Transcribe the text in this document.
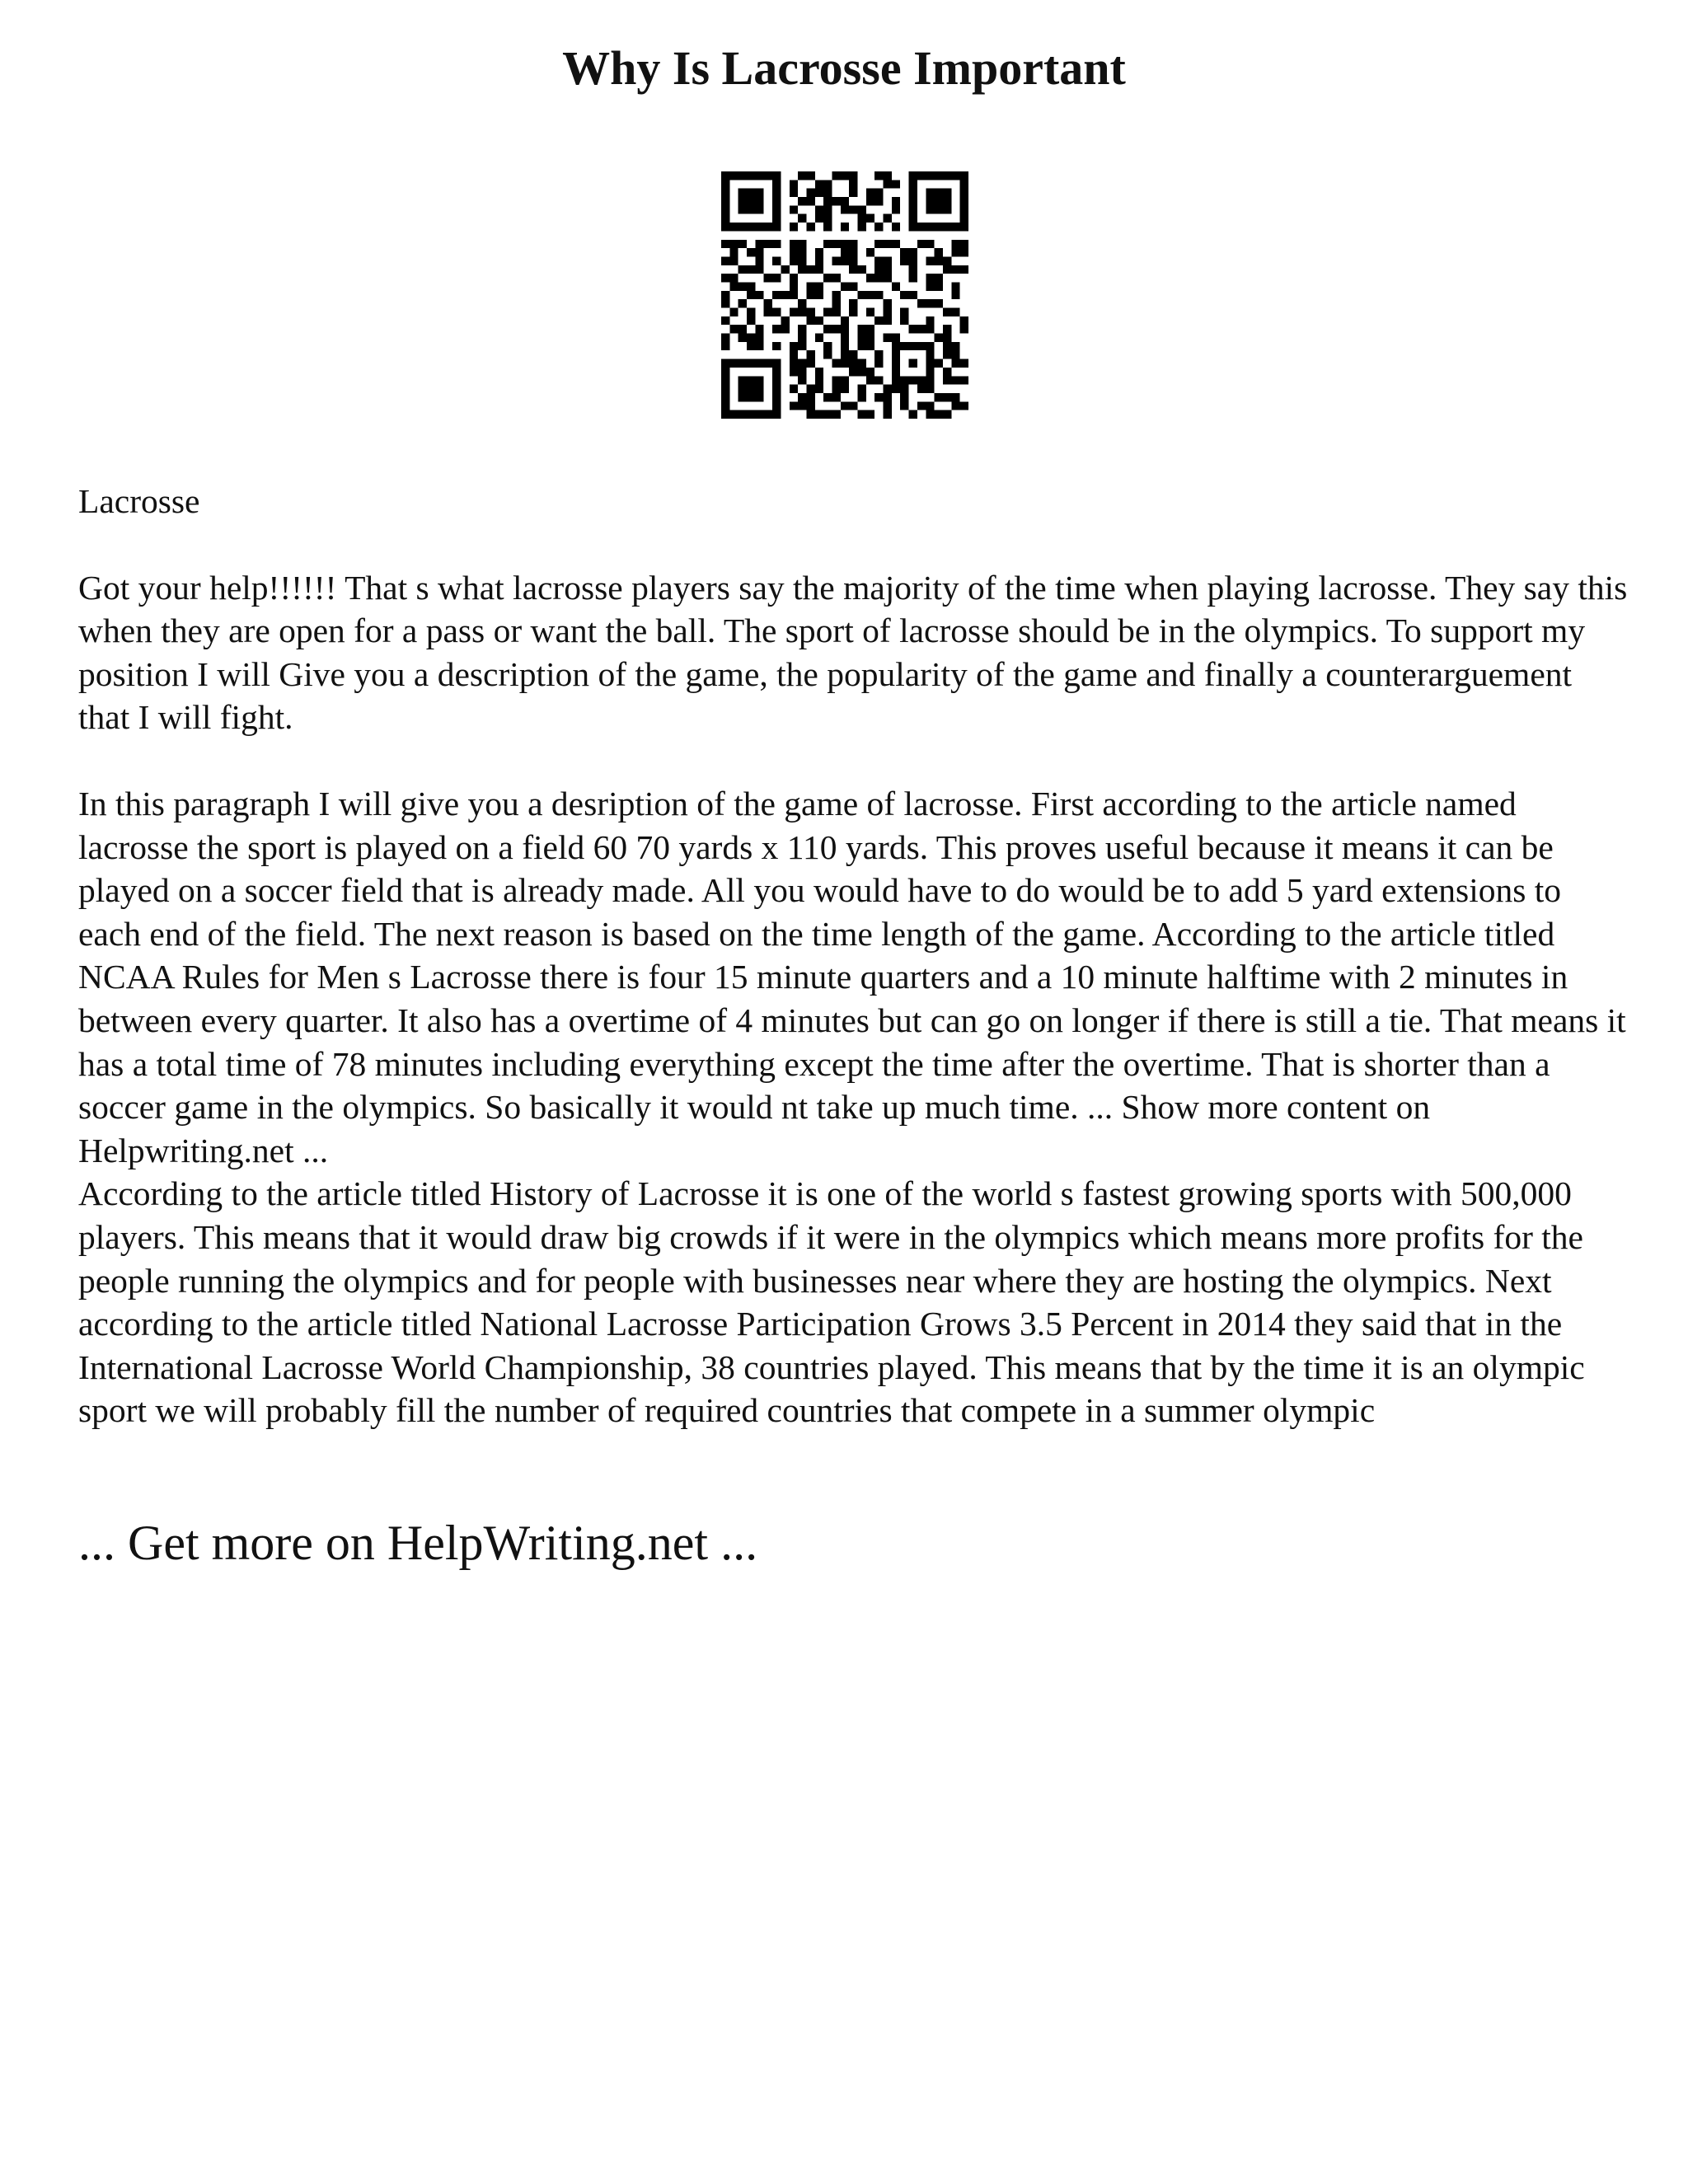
Why Is Lacrosse Important

Lacrosse

Got your help!!!!!! That s what lacrosse players say the majority of the time when playing lacrosse. They say this when they are open for a pass or want the ball. The sport of lacrosse should be in the olympics. To support my position I will Give you a description of the game, the popularity of the game and finally a counterarguement that I will fight.

In this paragraph I will give you a desription of the game of lacrosse. First according to the article named lacrosse the sport is played on a field 60 70 yards x 110 yards. This proves useful because it means it can be played on a soccer field that is already made. All you would have to do would be to add 5 yard extensions to each end of the field. The next reason is based on the time length of the game. According to the article titled NCAA Rules for Men s Lacrosse there is four 15 minute quarters and a 10 minute halftime with 2 minutes in between every quarter. It also has a overtime of 4 minutes but can go on longer if there is still a tie. That means it has a total time of 78 minutes including everything except the time after the overtime. That is shorter than a soccer game in the olympics. So basically it would nt take up much time. ... Show more content on Helpwriting.net ...

According to the article titled History of Lacrosse it is one of the world s fastest growing sports with 500,000 players. This means that it would draw big crowds if it were in the olympics which means more profits for the people running the olympics and for people with businesses near where they are hosting the olympics. Next according to the article titled National Lacrosse Participation Grows 3.5 Percent in 2014 they said that in the International Lacrosse World Championship, 38 countries played. This means that by the time it is an olympic sport we will probably fill the number of required countries that compete in a summer olympic

... Get more on HelpWriting.net ...
